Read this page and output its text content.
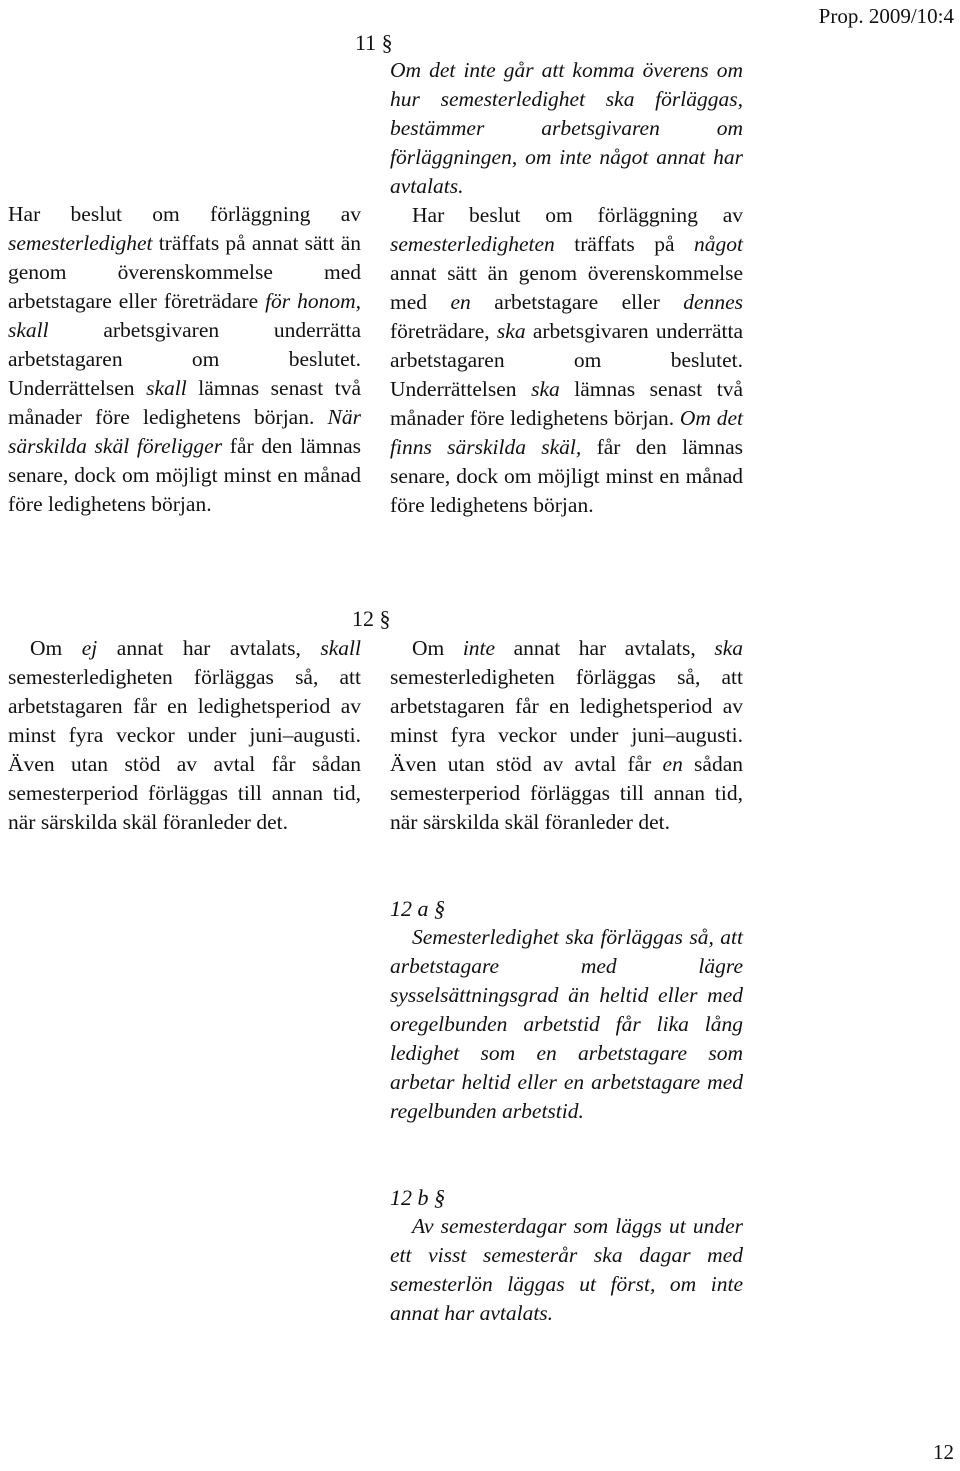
Prop. 2009/10:4
11 §

Har beslut om förläggning av semesterledighet träffats på annat sätt än genom överenskommelse med arbetstagare eller företrädare för honom, skall arbetsgivaren underrätta arbetstagaren om beslutet. Underrättelsen skall lämnas senast två månader före ledighetens början. När särskilda skäl föreligger får den lämnas senare, dock om möjligt minst en månad före ledighetens början.

Om det inte går att komma överens om hur semesterledighet ska förläggas, bestämmer arbetsgivaren om förläggningen, om inte något annat har avtalats.

Har beslut om förläggning av semesterledigheten träffats på något annat sätt än genom överenskommelse med en arbetstagare eller dennes företrädare, ska arbetsgivaren underrätta arbetstagaren om beslutet. Underrättelsen ska lämnas senast två månader före ledighetens början. Om det finns särskilda skäl, får den lämnas senare, dock om möjligt minst en månad före ledighetens början.

12 §

Om ej annat har avtalats, skall semesterledigheten förläggas så, att arbetstagaren får en ledighetsperiod av minst fyra veckor under juni–augusti. Även utan stöd av avtal får sådan semesterperiod förläggas till annan tid, när särskilda skäl föranleder det.

Om inte annat har avtalats, ska semesterledigheten förläggas så, att arbetstagaren får en ledighetsperiod av minst fyra veckor under juni–augusti. Även utan stöd av avtal får en sådan semesterperiod förläggas till annan tid, när särskilda skäl föranleder det.

12 a §

Semesterledighet ska förläggas så, att arbetstagare med lägre sysselsättningsgrad än heltid eller med oregelbunden arbetstid får lika lång ledighet som en arbetstagare som arbetar heltid eller en arbetstagare med regelbunden arbetstid.

12 b §

Av semesterdagar som läggs ut under ett visst semesterår ska dagar med semesterlön läggas ut först, om inte annat har avtalats.

12
